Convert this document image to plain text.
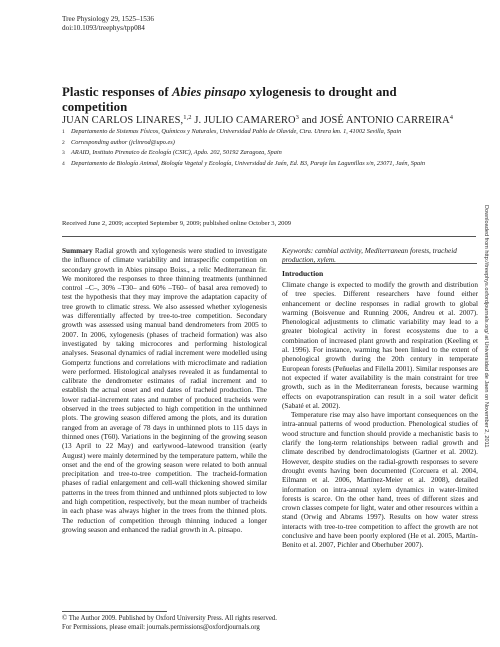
Tree Physiology 29, 1525–1536
doi:10.1093/treephys/tpp084
Plastic responses of Abies pinsapo xylogenesis to drought and competition
JUAN CARLOS LINARES,$^{1,2}$ J. JULIO CAMARERO$^3$ and JOSÉ ANTONIO CARREIRA$^4$
1 Departamento de Sistemas Físicos, Químicos y Naturales, Universidad Pablo de Olavide, Ctra. Utrera km. 1, 41002 Sevilla, Spain
2 Corresponding author (jclinrod@upo.es)
3 ARAID, Instituto Pirenaico de Ecología (CSIC), Apdo. 202, 50192 Zaragoza, Spain
4 Departamento de Biología Animal, Biología Vegetal y Ecología, Universidad de Jaén, Ed. B3, Paraje las Lagunillas s/n, 23071, Jaén, Spain
Received June 2, 2009; accepted September 9, 2009; published online October 3, 2009
Summary Radial growth and xylogenesis were studied to investigate the influence of climate variability and intraspecific competition on secondary growth in Abies pinsapo Boiss., a relic Mediterranean fir. We monitored the responses to three thinning treatments (unthinned control –C–, 30% –T30– and 60% –T60– of basal area removed) to test the hypothesis that they may improve the adaptation capacity of tree growth to climatic stress. We also assessed whether xylogenesis was differentially affected by tree-to-tree competition. Secondary growth was assessed using manual band dendrometers from 2005 to 2007. In 2006, xylogenesis (phases of tracheid formation) was also investigated by taking microcores and performing histological analyses. Seasonal dynamics of radial increment were modelled using Gompertz functions and correlations with microclimate and radiation were performed. Histological analyses revealed it as fundamental to calibrate the dendrometer estimates of radial increment and to establish the actual onset and end dates of tracheid production. The lower radial-increment rates and number of produced tracheids were observed in the trees subjected to high competition in the unthinned plots. The growing season differed among the plots, and its duration ranged from an average of 78 days in unthinned plots to 115 days in thinned ones (T60). Variations in the beginning of the growing season (13 April to 22 May) and earlywood–latewood transition (early August) were mainly determined by the temperature pattern, while the onset and the end of the growing season were related to both annual precipitation and tree-to-tree competition. The tracheid-formation phases of radial enlargement and cell-wall thickening showed similar patterns in the trees from thinned and unthinned plots subjected to low and high competition, respectively, but the mean number of tracheids in each phase was always higher in the trees from the thinned plots. The reduction of competition through thinning induced a longer growing season and enhanced the radial growth in A. pinsapo.
Keywords: cambial activity, Mediterranean forests, tracheid production, xylem.
Introduction

Climate change is expected to modify the growth and distribution of tree species. Different researchers have found either enhancement or decline responses in radial growth to global warming (Boisvenue and Running 2006, Andreu et al. 2007). Phenological adjustments to climatic variability may lead to a greater biological activity in forest ecosystems due to a combination of increased plant growth and respiration (Keeling et al. 1996). For instance, warming has been linked to the extent of phenological growth during the 20th century in temperate European forests (Peñuelas and Filella 2001). Similar responses are not expected if water availability is the main constraint for tree growth, such as in the Mediterranean forests, because warming effects on evapotranspiration can result in a soil water deficit (Sabaté et al. 2002).

Temperature rise may also have important consequences on the intra-annual patterns of wood production. Phenological studies of wood structure and function should provide a mechanistic basis to clarify the long-term relationships between radial growth and climate described by dendroclimatologists (Gartner et al. 2002). However, despite studies on the radial-growth responses to severe drought events having been documented (Corcuera et al. 2004, Eilmann et al. 2006, Martínez-Meier et al. 2008), detailed information on intra-annual xylem dynamics in water-limited forests is scarce. On the other hand, trees of different sizes and crown classes compete for light, water and other resources within a stand (Orwig and Abrams 1997). Results on how water stress interacts with tree-to-tree competition to affect the growth are not conclusive and have been poorly explored (He et al. 2005, Martín-Benito et al. 2007, Pichler and Oberhuber 2007).

© The Author 2009. Published by Oxford University Press. All rights reserved.
For Permissions, please email: journals.permissions@oxfordjournals.org
Downloaded from http://treephys.oxfordjournals.org/ at Universidad de Jaen on November 2, 2011
